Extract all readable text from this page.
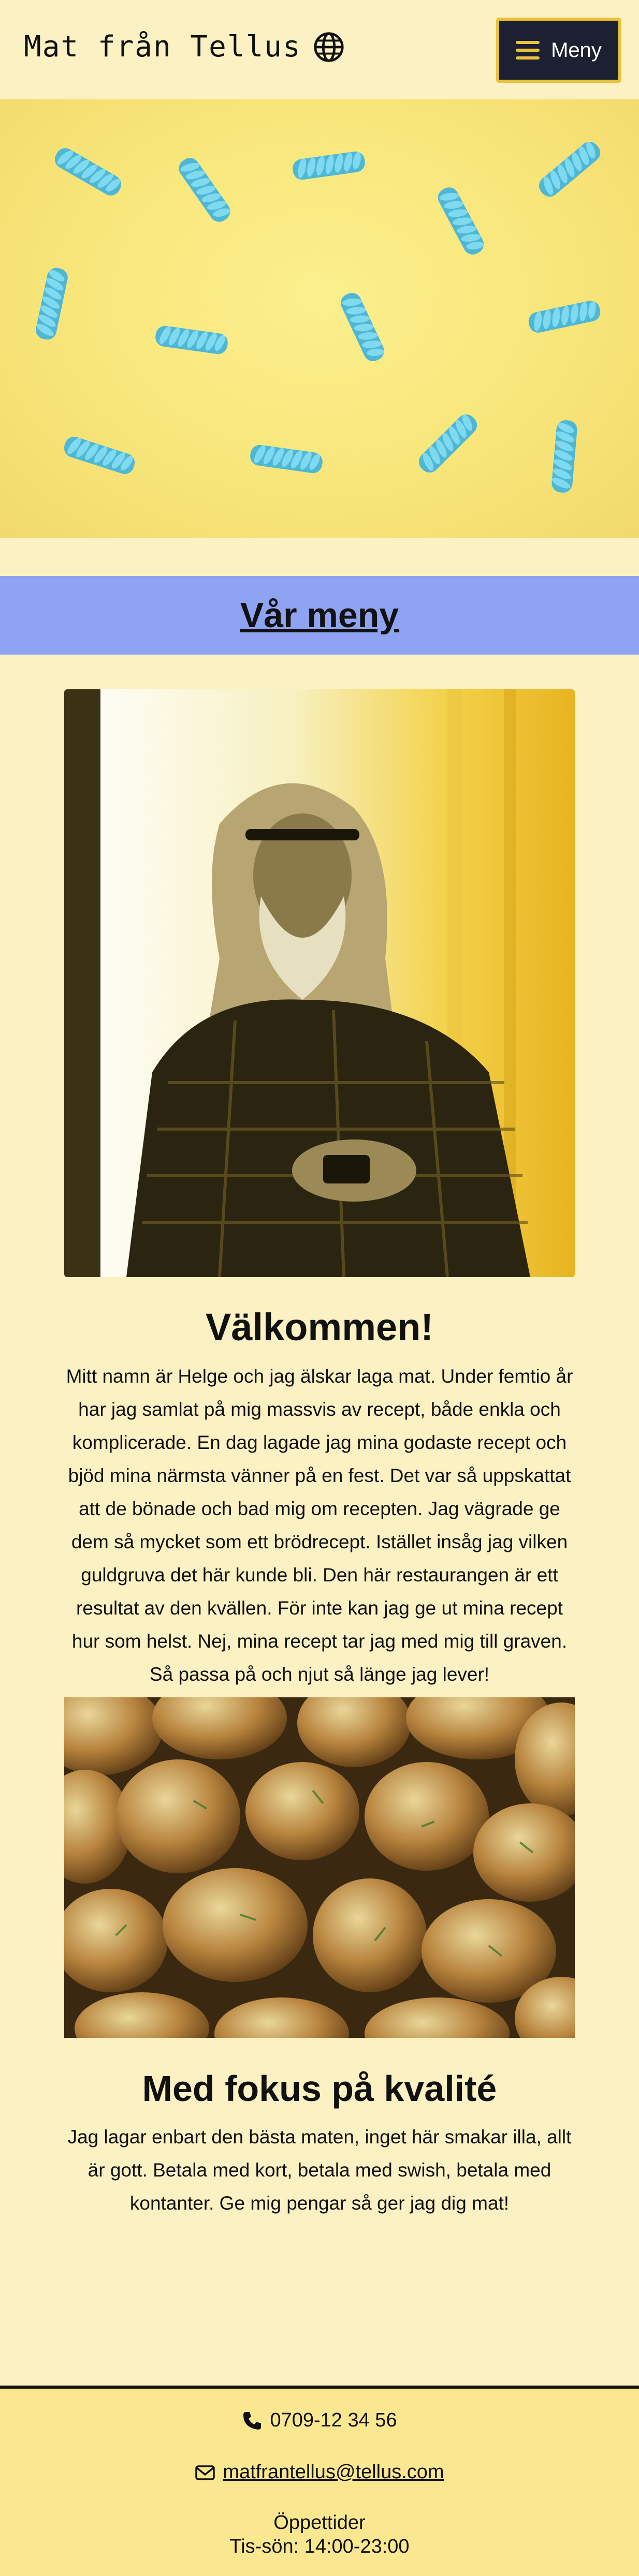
Mat från Tellus	Meny
Vår meny
Välkommen!

Mitt namn är Helge och jag älskar laga mat. Under femtio år har jag samlat på mig massvis av recept, både enkla och komplicerade. En dag lagade jag mina godaste recept och bjöd mina närmsta vänner på en fest. Det var så uppskattat att de bönade och bad mig om recepten. Jag vägrade ge dem så mycket som ett brödrecept. Istället insåg jag vilken guldgruva det här kunde bli. Den här restaurangen är ett resultat av den kvällen. För inte kan jag ge ut mina recept hur som helst. Nej, mina recept tar jag med mig till graven. Så passa på och njut så länge jag lever!

Med fokus på kvalité

Jag lagar enbart den bästa maten, inget här smakar illa, allt är gott. Betala med kort, betala med swish, betala med kontanter. Ge mig pengar så ger jag dig mat!

0709-12 34 56
matfrantellus@tellus.com
Öppettider
Tis-sön: 14:00-23:00
